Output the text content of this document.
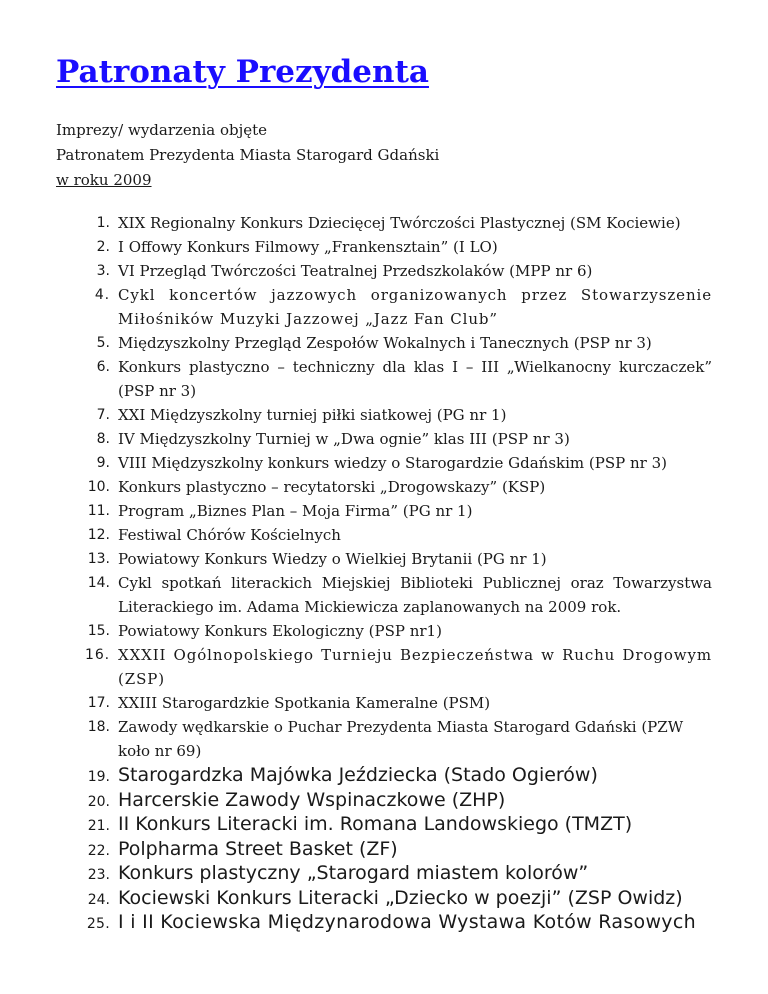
Patronaty Prezydenta
Imprezy/ wydarzenia objęte
Patronatem Prezydenta Miasta Starogard Gdański
w roku 2009
1. XIX Regionalny Konkurs Dziecięcej Twórczości Plastycznej (SM Kociewie)
2. I Offowy Konkurs Filmowy „Frankensztain” (I LO)
3. VI Przegląd Twórczości Teatralnej Przedszkolaków (MPP nr 6)
4. Cykl koncertów jazzowych organizowanych przez Stowarzyszenie Miłośników Muzyki Jazzowej „Jazz Fan Club”
5. Międzyszkolny Przegląd Zespołów Wokalnych i Tanecznych (PSP nr 3)
6. Konkurs plastyczno – techniczny dla klas I – III „Wielkanocny kurczaczek” (PSP nr 3)
7. XXI Międzyszkolny turniej piłki siatkowej (PG nr 1)
8. IV Międzyszkolny Turniej w „Dwa ognie” klas III (PSP nr 3)
9. VIII Międzyszkolny konkurs wiedzy o Starogardzie Gdańskim (PSP nr 3)
10. Konkurs plastyczno – recytatorski „Drogowskazy” (KSP)
11. Program „Biznes Plan – Moja Firma” (PG nr 1)
12. Festiwal Chórów Kościelnych
13. Powiatowy Konkurs Wiedzy o Wielkiej Brytanii (PG nr 1)
14. Cykl spotkań literackich Miejskiej Biblioteki Publicznej oraz Towarzystwa Literackiego im. Adama Mickiewicza zaplanowanych na 2009 rok.
15. Powiatowy Konkurs Ekologiczny (PSP nr1)
16. XXXII Ogólnopolskiego Turnieju Bezpieczeństwa w Ruchu Drogowym (ZSP)
17. XXIII Starogardzkie Spotkania Kameralne (PSM)
18. Zawody wędkarskie o Puchar Prezydenta Miasta Starogard Gdański (PZW koło nr 69)
19. Starogardzka Majówka Jeździecka (Stado Ogierów)
20. Harcerskie Zawody Wspinaczkowe (ZHP)
21. II Konkurs Literacki im. Romana Landowskiego (TMZT)
22. Polpharma Street Basket (ZF)
23. Konkurs plastyczny „Starogard miastem kolorów”
24. Kociewski Konkurs Literacki „Dziecko w poezji” (ZSP Owidz)
25. I i II Kociewska Międzynarodowa Wystawa Kotów Rasowych
